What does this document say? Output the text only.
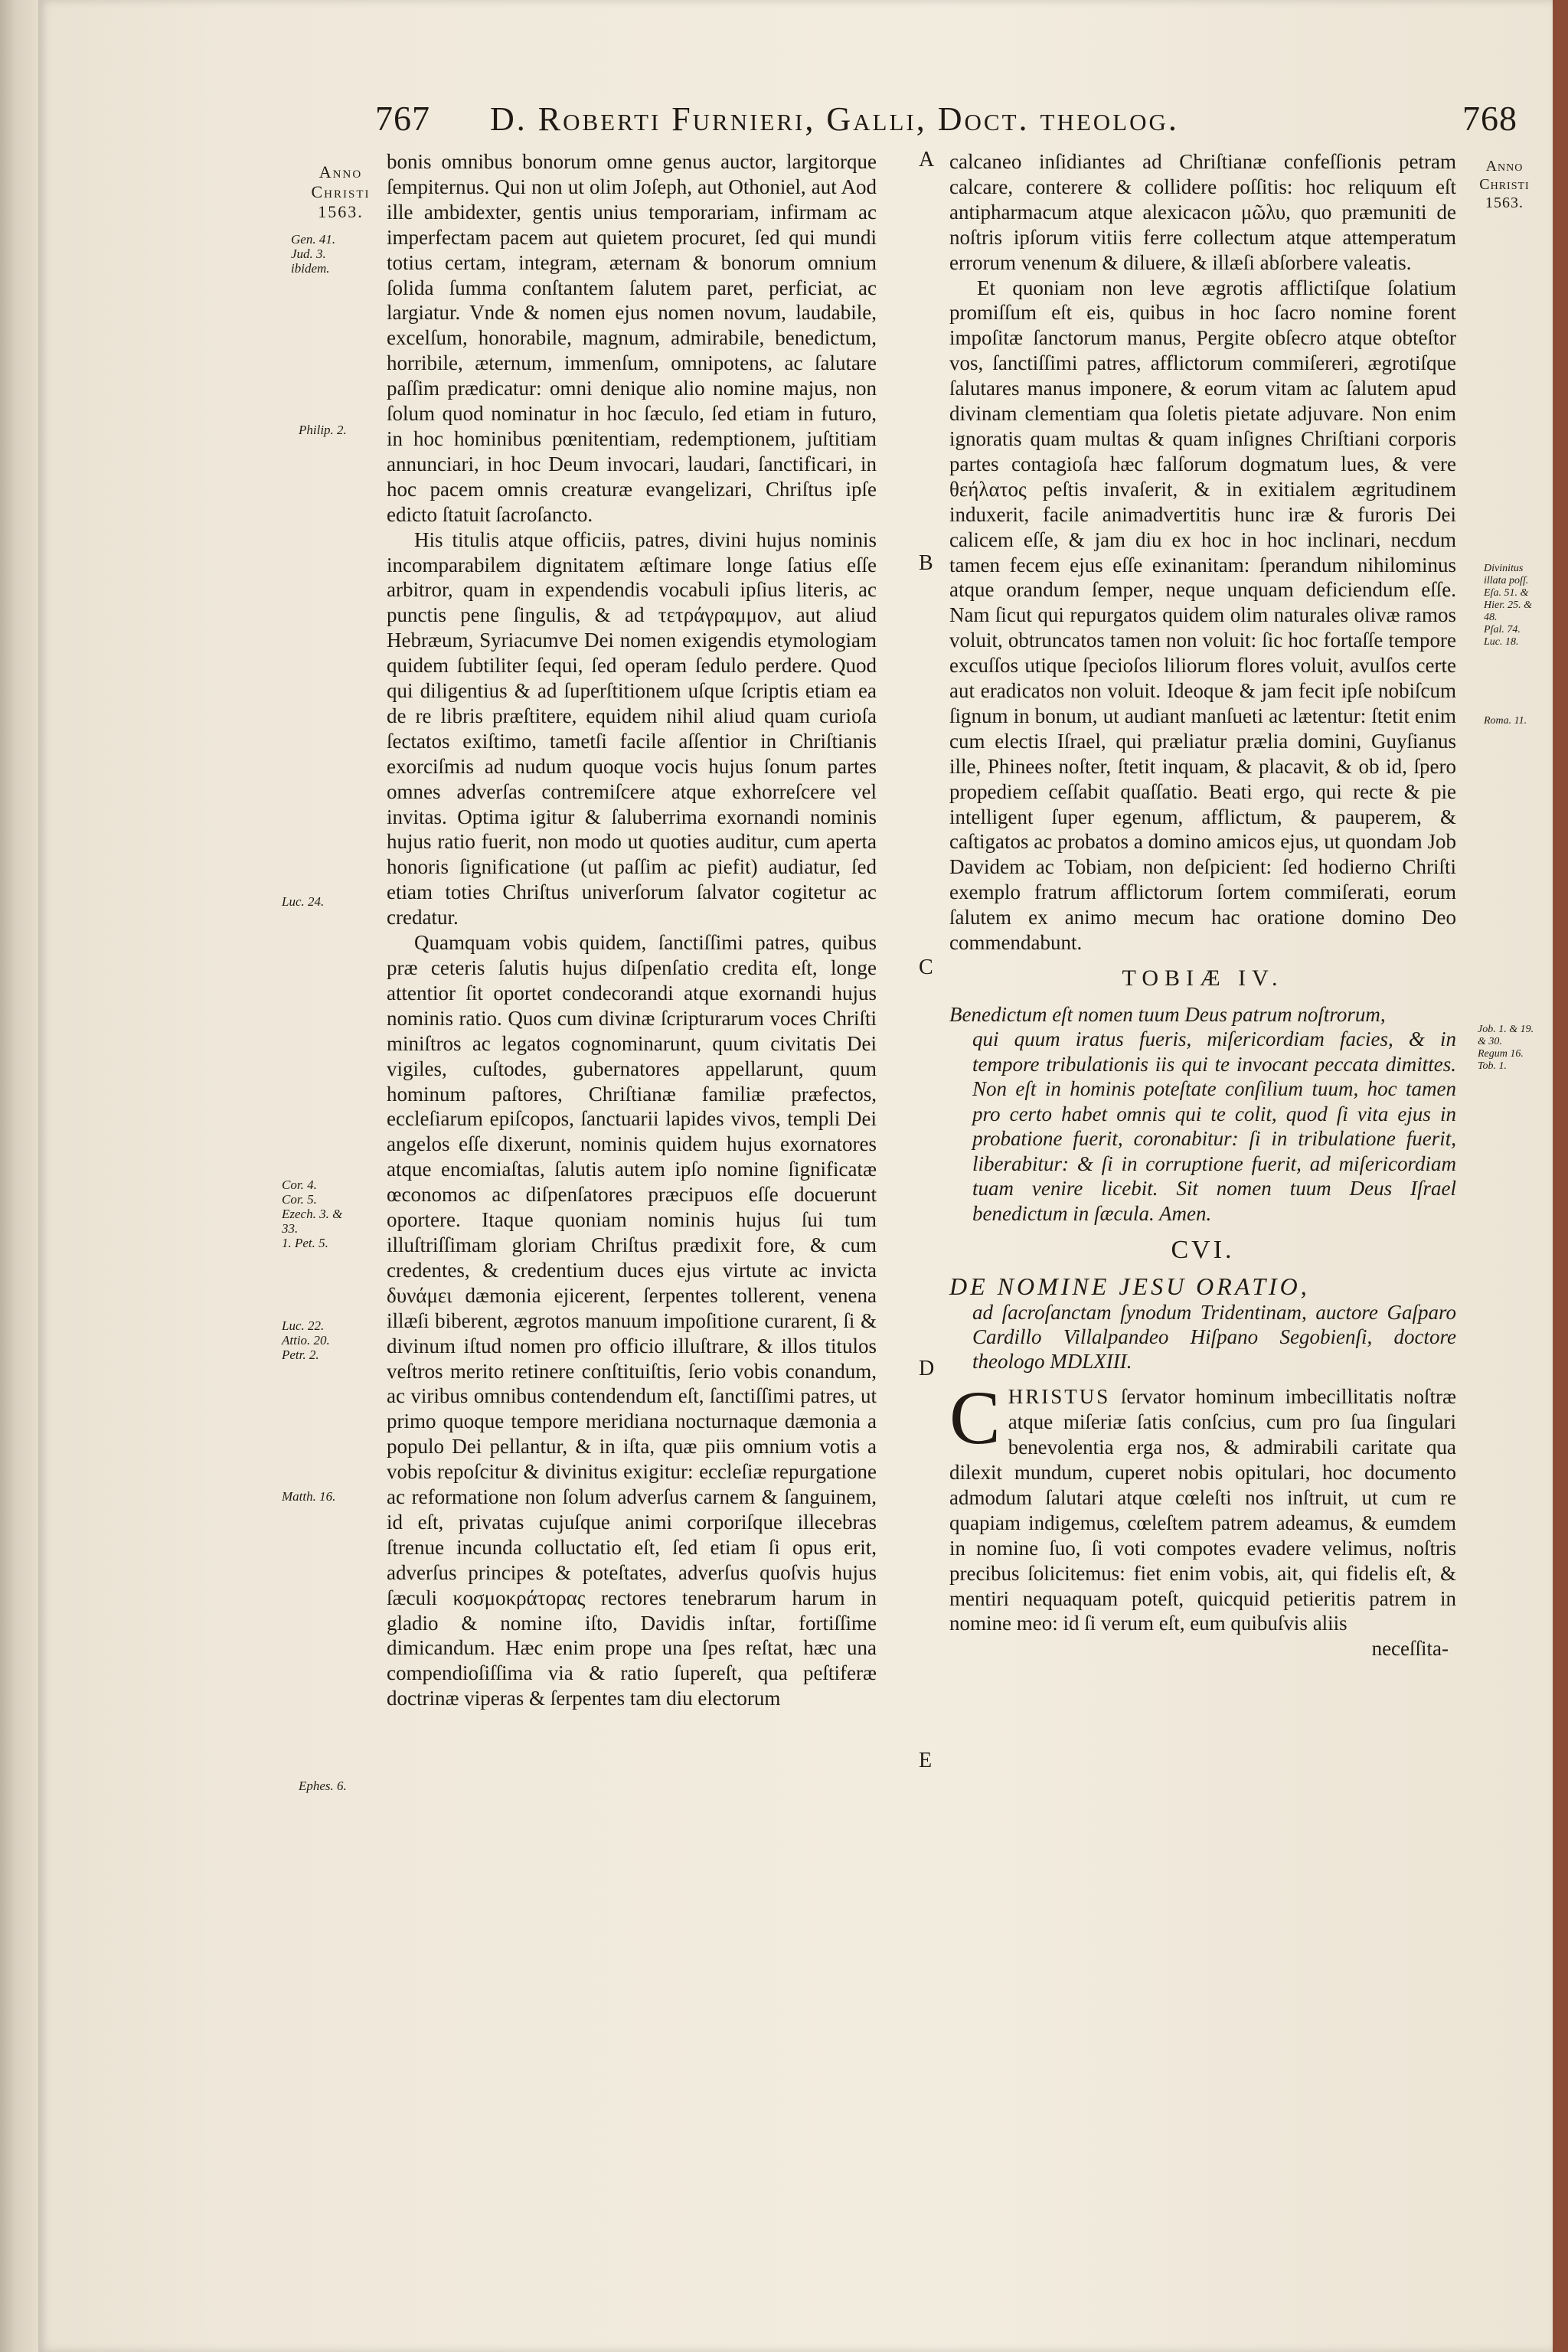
767 D. Roberti Furnieri, Galli, Doct. theolog.	768
Anno
Christi
1563.
Gen. 41.
Jud. 3.
ibidem.
Philip. 2.
Luc. 24.
Cor. 4.
Cor. 5.
Ezech. 3. &
33.
1. Pet. 5.
Luc. 22.
Attio. 20.
Petr. 2.
Matth. 16.
Ephes. 6.
Anno
Christi
1563.
Divinitus
illata poſſ.
Eſa. 51. &
Hier. 25. &
48.
Pſal. 74.
Luc. 18.
Roma. 11.
Job. 1. & 19.
& 30.
Regum 16.
Tob. 1.
A
B
C
D
E

bonis omnibus bonorum omne genus auctor, largitorque ſempiternus. Qui non ut olim Joſeph, aut Othoniel, aut Aod ille ambidexter, gentis unius temporariam, infirmam ac imperfectam pacem aut quietem procuret, ſed qui mundi totius certam, integram, æternam & bonorum omnium ſolida ſumma conſtantem ſalutem paret, perficiat, ac largiatur. Vnde & nomen ejus nomen novum, laudabile, excelſum, honorabile, magnum, admirabile, benedictum, horribile, æternum, immenſum, omnipotens, ac ſalutare paſſim prædicatur: omni denique alio nomine majus, non ſolum quod nominatur in hoc ſæculo, ſed etiam in futuro, in hoc hominibus pœnitentiam, redemptionem, juſtitiam annunciari, in hoc Deum invocari, laudari, ſanctificari, in hoc pacem omnis creaturæ evangelizari, Chriſtus ipſe edicto ſtatuit ſacroſancto.

His titulis atque officiis, patres, divini hujus nominis incomparabilem dignitatem æſtimare longe ſatius eſſe arbitror, quam in expendendis vocabuli ipſius literis, ac punctis pene ſingulis, & ad τετράγραμμον, aut aliud Hebræum, Syriacumve Dei nomen exigendis etymologiam quidem ſubtiliter ſequi, ſed operam ſedulo perdere. Quod qui diligentius & ad ſuperſtitionem uſque ſcriptis etiam ea de re libris præſtitere, equidem nihil aliud quam curioſa ſectatos exiſtimo, tametſi facile aſſentior in Chriſtianis exorciſmis ad nudum quoque vocis hujus ſonum partes omnes adverſas contremiſcere atque exhorreſcere vel invitas. Optima igitur & ſaluberrima exornandi nominis hujus ratio fuerit, non modo ut quoties auditur, cum aperta honoris ſignificatione (ut paſſim ac piefit) audiatur, ſed etiam toties Chriſtus univerſorum ſalvator cogitetur ac credatur.

Quamquam vobis quidem, ſanctiſſimi patres, quibus præ ceteris ſalutis hujus diſpenſatio credita eſt, longe attentior ſit oportet condecorandi atque exornandi hujus nominis ratio. Quos cum divinæ ſcripturarum voces Chriſti miniſtros ac legatos cognominarunt, quum civitatis Dei vigiles, cuſtodes, gubernatores appellarunt, quum hominum paſtores, Chriſtianæ familiæ præfectos, eccleſiarum epiſcopos, ſanctuarii lapides vivos, templi Dei angelos eſſe dixerunt, nominis quidem hujus exornatores atque encomiaſtas, ſalutis autem ipſo nomine ſignificatæ œconomos ac diſpenſatores præcipuos eſſe docuerunt oportere. Itaque quoniam nominis hujus ſui tum illuſtriſſimam gloriam Chriſtus prædixit fore, & cum credentes, & credentium duces ejus virtute ac invicta δυνάμει dæmonia ejicerent, ſerpentes tollerent, venena illæſi biberent, ægrotos manuum impoſitione curarent, ſi & divinum iſtud nomen pro officio illuſtrare, & illos titulos veſtros merito retinere conſtituiſtis, ſerio vobis conandum, ac viribus omnibus contendendum eſt, ſanctiſſimi patres, ut primo quoque tempore meridiana nocturnaque dæmonia a populo Dei pellantur, & in iſta, quæ piis omnium votis a vobis repoſcitur & divinitus exigitur: eccleſiæ repurgatione ac reformatione non ſolum adverſus carnem & ſanguinem, id eſt, privatas cujuſque animi corporiſque illecebras ſtrenue incunda colluctatio eſt, ſed etiam ſi opus erit, adverſus principes & poteſtates, adverſus quoſvis hujus ſæculi κοσμοκράτορας rectores tenebrarum harum in gladio & nomine iſto, Davidis inſtar, fortiſſime dimicandum. Hæc enim prope una ſpes reſtat, hæc una compendioſiſſima via & ratio ſupereſt, qua peſtiferæ doctrinæ viperas & ſerpentes tam diu electorum

calcaneo inſidiantes ad Chriſtianæ confeſſionis petram calcare, conterere & collidere poſſitis: hoc reliquum eſt antipharmacum atque alexicacon μῶλυ, quo præmuniti de noſtris ipſorum vitiis ferre collectum atque attemperatum errorum venenum & diluere, & illæſi abſorbere valeatis.

Et quoniam non leve ægrotis afflictiſque ſolatium promiſſum eſt eis, quibus in hoc ſacro nomine forent impoſitæ ſanctorum manus, Pergite obſecro atque obteſtor vos, ſanctiſſimi patres, afflictorum commiſereri, ægrotiſque ſalutares manus imponere, & eorum vitam ac ſalutem apud divinam clementiam qua ſoletis pietate adjuvare. Non enim ignoratis quam multas & quam inſignes Chriſtiani corporis partes contagioſa hæc falſorum dogmatum lues, & vere θεήλατος peſtis invaſerit, & in exitialem ægritudinem induxerit, facile animadvertitis hunc iræ & furoris Dei calicem eſſe, & jam diu ex hoc in hoc inclinari, necdum tamen fecem ejus eſſe exinanitam: ſperandum nihilominus atque orandum ſemper, neque unquam deficiendum eſſe. Nam ſicut qui repurgatos quidem olim naturales olivæ ramos voluit, obtruncatos tamen non voluit: ſic hoc fortaſſe tempore excuſſos utique ſpecioſos liliorum flores voluit, avulſos certe aut eradicatos non voluit. Ideoque & jam fecit ipſe nobiſcum ſignum in bonum, ut audiant manſueti ac lætentur: ſtetit enim cum electis Iſrael, qui præliatur prælia domini, Guyſianus ille, Phinees noſter, ſtetit inquam, & placavit, & ob id, ſpero propediem ceſſabit quaſſatio. Beati ergo, qui recte & pie intelligent ſuper egenum, afflictum, & pauperem, & caſtigatos ac probatos a domino amicos ejus, ut quondam Job Davidem ac Tobiam, non deſpicient: ſed hodierno Chriſti exemplo fratrum afflictorum ſortem commiſerati, eorum ſalutem ex animo mecum hac oratione domino Deo commendabunt.

TOBIÆ IV.

Benedictum eſt nomen tuum Deus patrum noſtrorum,

qui quum iratus fueris, miſericordiam facies, & in tempore tribulationis iis qui te invocant peccata dimittes. Non eſt in hominis poteſtate conſilium tuum, hoc tamen pro certo habet omnis qui te colit, quod ſi vita ejus in probatione fuerit, coronabitur: ſi in tribulatione fuerit, liberabitur: & ſi in corruptione fuerit, ad miſericordiam tuam venire licebit. Sit nomen tuum Deus Iſrael benedictum in ſæcula. Amen.

CVI.

DE NOMINE JESU ORATIO,

ad ſacroſanctam ſynodum Tridentinam, auctore Gaſparo Cardillo Villalpandeo Hiſpano Segobienſi, doctore theologo MDLXIII.

CHRISTUS ſervator hominum imbecillitatis noſtræ atque miſeriæ ſatis conſcius, cum pro ſua ſingulari benevolentia erga nos, & admirabili caritate qua dilexit mundum, cuperet nobis opitulari, hoc documento admodum ſalutari atque cœleſti nos inſtruit, ut cum re quapiam indigemus, cœleſtem patrem adeamus, & eumdem in nomine ſuo, ſi voti compotes evadere velimus, noſtris precibus ſolicitemus: fiet enim vobis, ait, qui fidelis eſt, & mentiri nequaquam poteſt, quicquid petieritis patrem in nomine meo: id ſi verum eſt, eum quibuſvis aliis

neceſſita-
